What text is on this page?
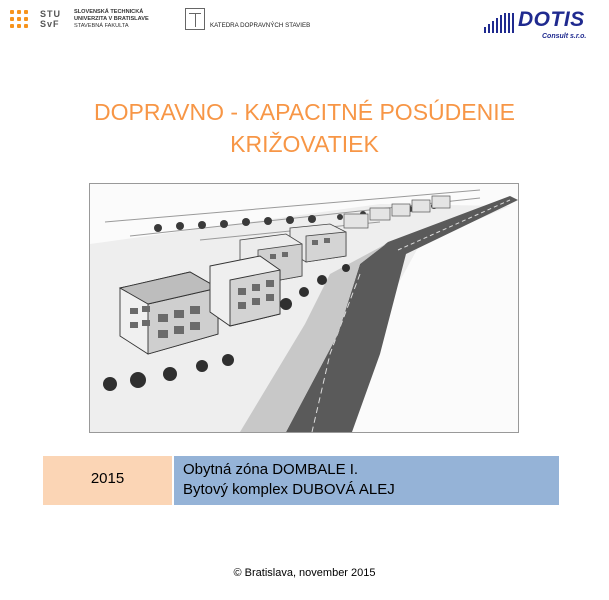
STU
SvF
SLOVENSKÁ TECHNICKÁ
UNIVERZITA V BRATISLAVE
STAVEBNÁ FAKULTA	KATEDRA DOPRAVNÝCH STAVIEB	DOTIS
Consult s.r.o.
DOPRAVNO - KAPACITNÉ POSÚDENIE
KRIŽOVATIEK
2015
Obytná zóna DOMBALE I.
Bytový komplex DUBOVÁ ALEJ
© Bratislava, november 2015
